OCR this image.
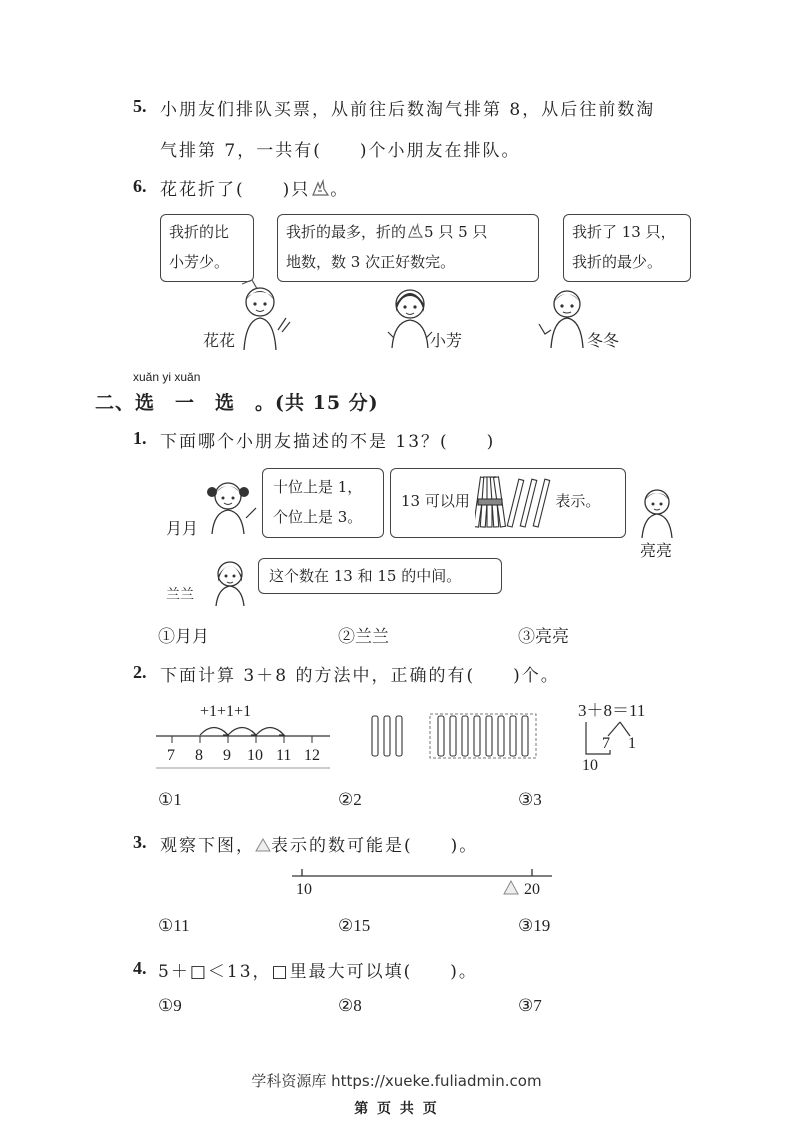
5. 小朋友们排队买票，从前往后数淘气排第 8，从后往前数淘
气排第 7，一共有(　　)个小朋友在排队。
6. 花花折了(　　)只 。
我折的比
小芳少。
我折的最多，折的 5 只 5 只
地数，数 3 次正好数完。
我折了 13 只，
我折的最少。
花花	小芳	冬冬
xuǎn yi xuǎn
二、选　一　选　。(共 15 分)
1. 下面哪个小朋友描述的不是 13？(　　)
月月
十位上是 1，
个位上是 3。
13 可以用	表示。
亮亮
兰兰
这个数在 13 和 15 的中间。
①月月	②兰兰	③亮亮
2. 下面计算 3＋8 的方法中，正确的有(　　)个。
+1+1+1
7 8 9 10 11 12
3＋8＝11
7 1
10
①1	②2	③3
3. 观察下图， 表示的数可能是(　　)。
10	20
①11	②15	③19
4. 5＋□＜13，□里最大可以填(　　)。
①9	②8	③7
学科资源库 https://xueke.fuliadmin.com
第 页 共 页
